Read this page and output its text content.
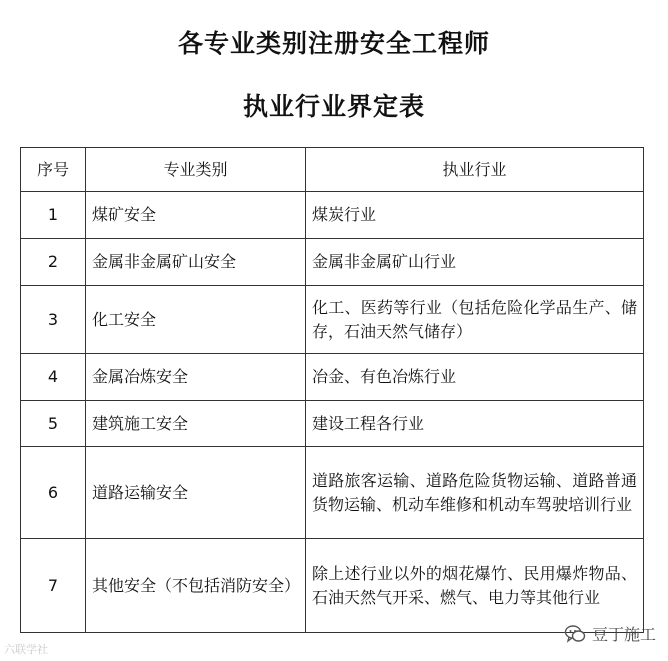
各专业类别注册安全工程师
执业行业界定表
序号	专业类别	执业行业
1	煤矿安全	煤炭行业

2	金属非金属矿山安全	金属非金属矿山行业

3	化工安全	化工、医药等行业（包括危险化学品生产、储存，石油天然气储存）

4	金属冶炼安全	冶金、有色冶炼行业

5	建筑施工安全	建设工程各行业

6	道路运输安全	道路旅客运输、道路危险货物运输、道路普通货物运输、机动车维修和机动车驾驶培训行业

7	其他安全（不包括消防安全）	除上述行业以外的烟花爆竹、民用爆炸物品、石油天然气开采、燃气、电力等其他行业
六联学社
豆丁施工
